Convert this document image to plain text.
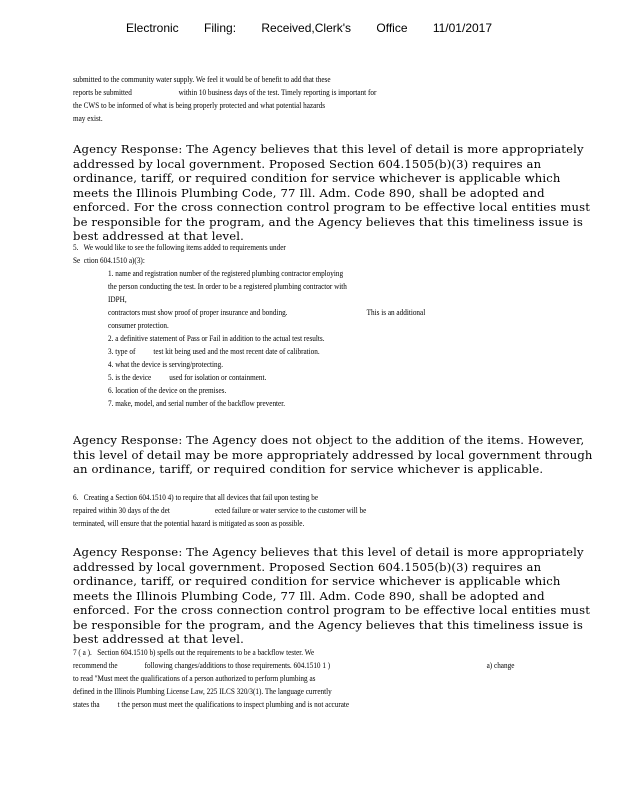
Electronic Filing: Received,Clerk's Office 11/01/2017
submitted to the community water supply. We feel it would be of benefit to add that these
reports be submitted                          within 10 business days of the test. Timely reporting is important for
the CWS to be informed of what is being properly protected and what potential hazards
may exist.

Agency Response: The Agency believes that this level of detail is more appropriately addressed by local government. Proposed Section 604.1505(b)(3) requires an ordinance, tariff, or required condition for service whichever is applicable which meets the Illinois Plumbing Code, 77 Ill. Adm. Code 890, shall be adopted and enforced. For the cross connection control program to be effective local entities must be responsible for the program, and the Agency believes that this timeliness issue is best addressed at that level.

5.   We would like to see the following items added to requirements under
Se  ction 604.1510 a)(3):
1. name and registration number of the registered plumbing contractor employing
the person conducting the test. In order to be a registered plumbing contractor with
IDPH,
contractors must show proof of proper insurance and bonding.                                            This is an additional
consumer protection.
2. a definitive statement of Pass or Fail in addition to the actual test results.
3. type of          test kit being used and the most recent date of calibration.
4. what the device is serving/protecting.
5. is the device          used for isolation or containment.
6. location of the device on the premises.
7. make, model, and serial number of the backflow preventer.

Agency Response: The Agency does not object to the addition of the items. However, this level of detail may be more appropriately addressed by local government through an ordinance, tariff, or required condition for service whichever is applicable.

6.   Creating a Section 604.1510 4) to require that all devices that fail upon testing be
repaired within 30 days of the det                         ected failure or water service to the customer will be
terminated, will ensure that the potential hazard is mitigated as soon as possible.

Agency Response: The Agency believes that this level of detail is more appropriately addressed by local government. Proposed Section 604.1505(b)(3) requires an ordinance, tariff, or required condition for service whichever is applicable which meets the Illinois Plumbing Code, 77 Ill. Adm. Code 890, shall be adopted and enforced. For the cross connection control program to be effective local entities must be responsible for the program, and the Agency believes that this timeliness issue is best addressed at that level.

7 ( a ).   Section 604.1510 b) spells out the requirements to be a backflow tester. We
recommend the               following changes/additions to those requirements. 604.1510 1 )	a) change
to read "Must meet the qualifications of a person authorized to perform plumbing as
defined in the Illinois Plumbing License Law, 225 ILCS 320/3(1). The language currently
states tha          t the person must meet the qualifications to inspect plumbing and is not accurate
